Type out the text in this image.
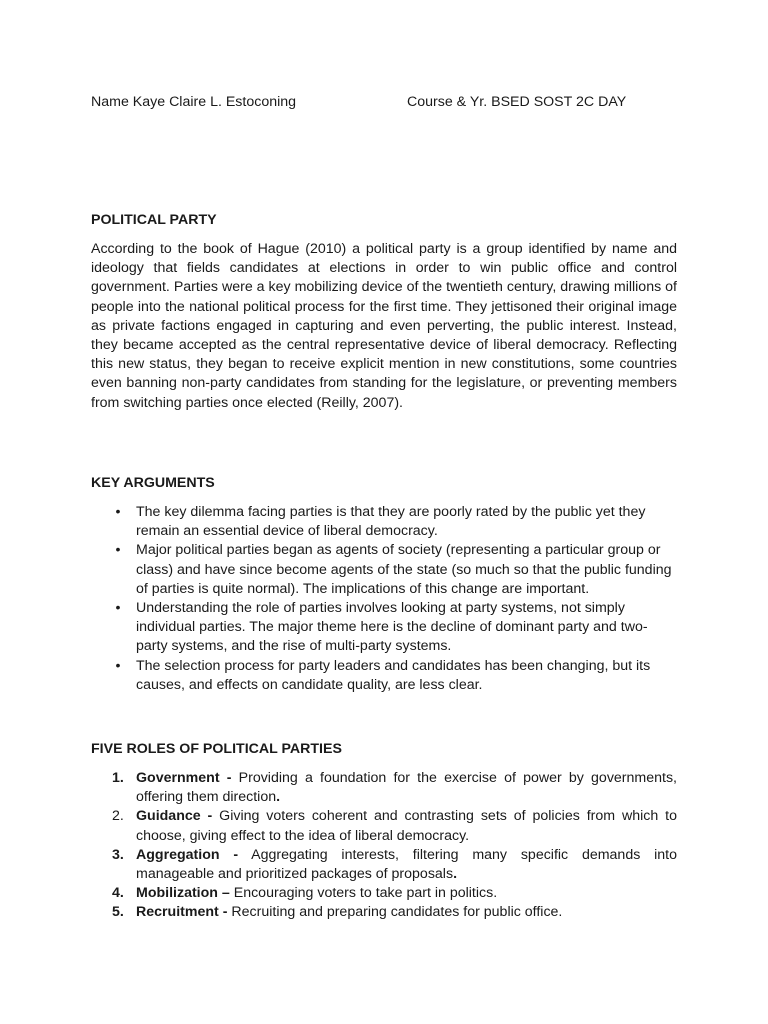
Name Kaye Claire L. Estoconing	Course & Yr. BSED SOST 2C DAY
POLITICAL PARTY

According to the book of Hague (2010) a political party is a group identified by name and ideology that fields candidates at elections in order to win public office and control government. Parties were a key mobilizing device of the twentieth century, drawing millions of people into the national political process for the first time. They jettisoned their original image as private factions engaged in capturing and even perverting, the public interest. Instead, they became accepted as the central representative device of liberal democracy. Reflecting this new status, they began to receive explicit mention in new constitutions, some countries even banning non-party candidates from standing for the legislature, or preventing members from switching parties once elected (Reilly, 2007).

KEY ARGUMENTS
• The key dilemma facing parties is that they are poorly rated by the public yet they remain an essential device of liberal democracy.
• Major political parties began as agents of society (representing a particular group or class) and have since become agents of the state (so much so that the public funding of parties is quite normal). The implications of this change are important.
• Understanding the role of parties involves looking at party systems, not simply individual parties. The major theme here is the decline of dominant party and two-party systems, and the rise of multi-party systems.
• The selection process for party leaders and candidates has been changing, but its causes, and effects on candidate quality, are less clear.
FIVE ROLES OF POLITICAL PARTIES
1. Government - Providing a foundation for the exercise of power by governments, offering them direction.
2. Guidance - Giving voters coherent and contrasting sets of policies from which to choose, giving effect to the idea of liberal democracy.
3. Aggregation - Aggregating interests, filtering many specific demands into manageable and prioritized packages of proposals.
4. Mobilization – Encouraging voters to take part in politics.
5. Recruitment - Recruiting and preparing candidates for public office.
